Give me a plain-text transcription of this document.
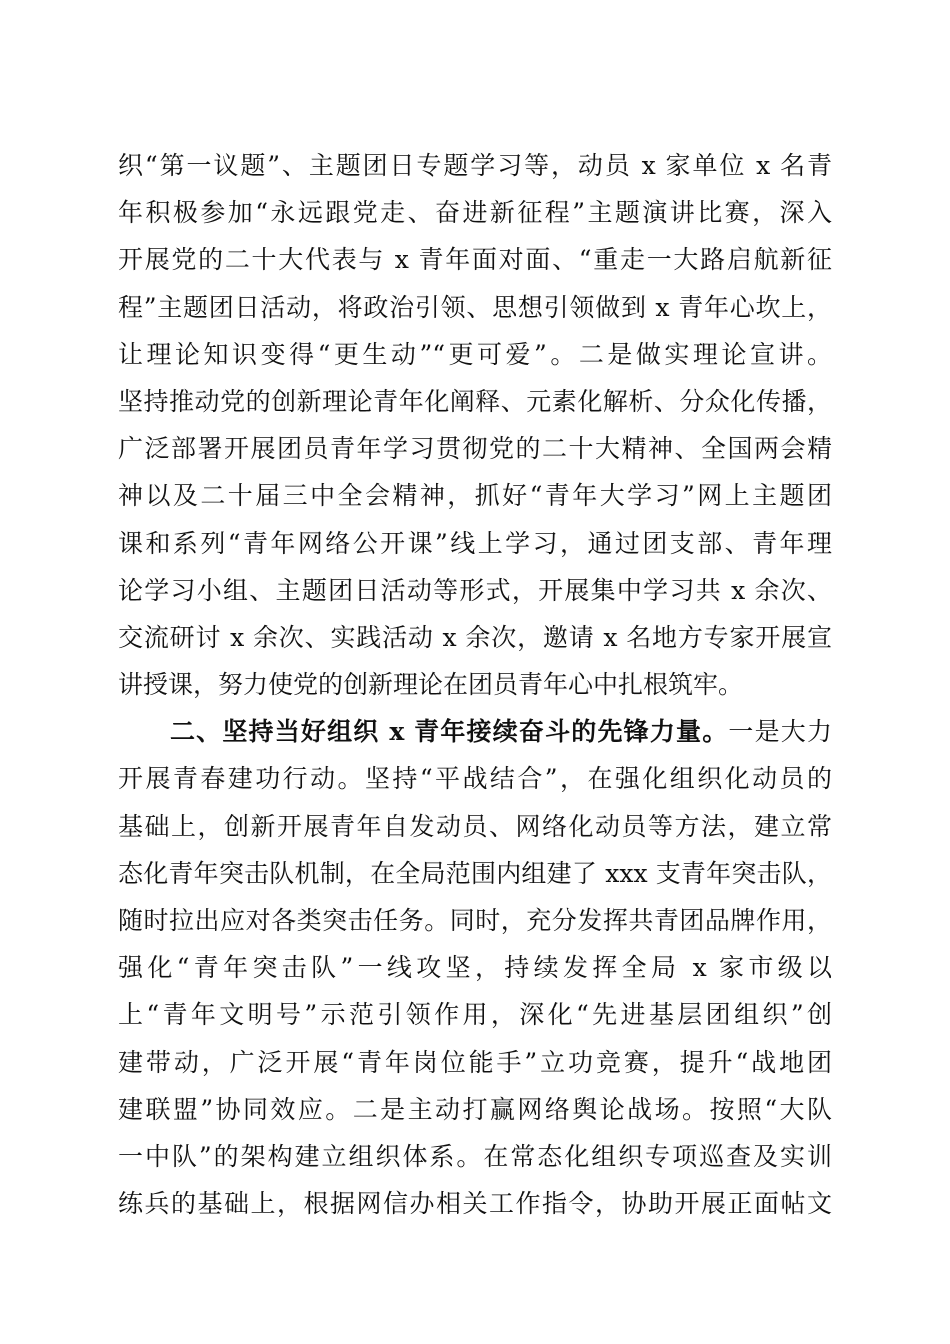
织“第一议题”、主题团日专题学习等，动员 x 家单位 x 名青
年积极参加“永远跟党走、奋进新征程”主题演讲比赛，深入
开展党的二十大代表与 x 青年面对面、“重走一大路启航新征
程”主题团日活动，将政治引领、思想引领做到 x 青年心坎上，
让理论知识变得“更生动”“更可爱”。二是做实理论宣讲。
坚持推动党的创新理论青年化阐释、元素化解析、分众化传播，
广泛部署开展团员青年学习贯彻党的二十大精神、全国两会精
神以及二十届三中全会精神，抓好“青年大学习”网上主题团
课和系列“青年网络公开课”线上学习，通过团支部、青年理
论学习小组、主题团日活动等形式，开展集中学习共 x 余次、
交流研讨 x 余次、实践活动 x 余次，邀请 x 名地方专家开展宣
讲授课，努力使党的创新理论在团员青年心中扎根筑牢。
二、坚持当好组织 x 青年接续奋斗的先锋力量。一是大力
开展青春建功行动。坚持“平战结合”，在强化组织化动员的
基础上，创新开展青年自发动员、网络化动员等方法，建立常
态化青年突击队机制，在全局范围内组建了 xxx 支青年突击队，
随时拉出应对各类突击任务。同时，充分发挥共青团品牌作用，
强化“青年突击队”一线攻坚，持续发挥全局 x 家市级以
上“青年文明号”示范引领作用，深化“先进基层团组织”创
建带动，广泛开展“青年岗位能手”立功竞赛，提升“战地团
建联盟”协同效应。二是主动打赢网络舆论战场。按照“大队
一中队”的架构建立组织体系。在常态化组织专项巡查及实训
练兵的基础上，根据网信办相关工作指令，协助开展正面帖文
